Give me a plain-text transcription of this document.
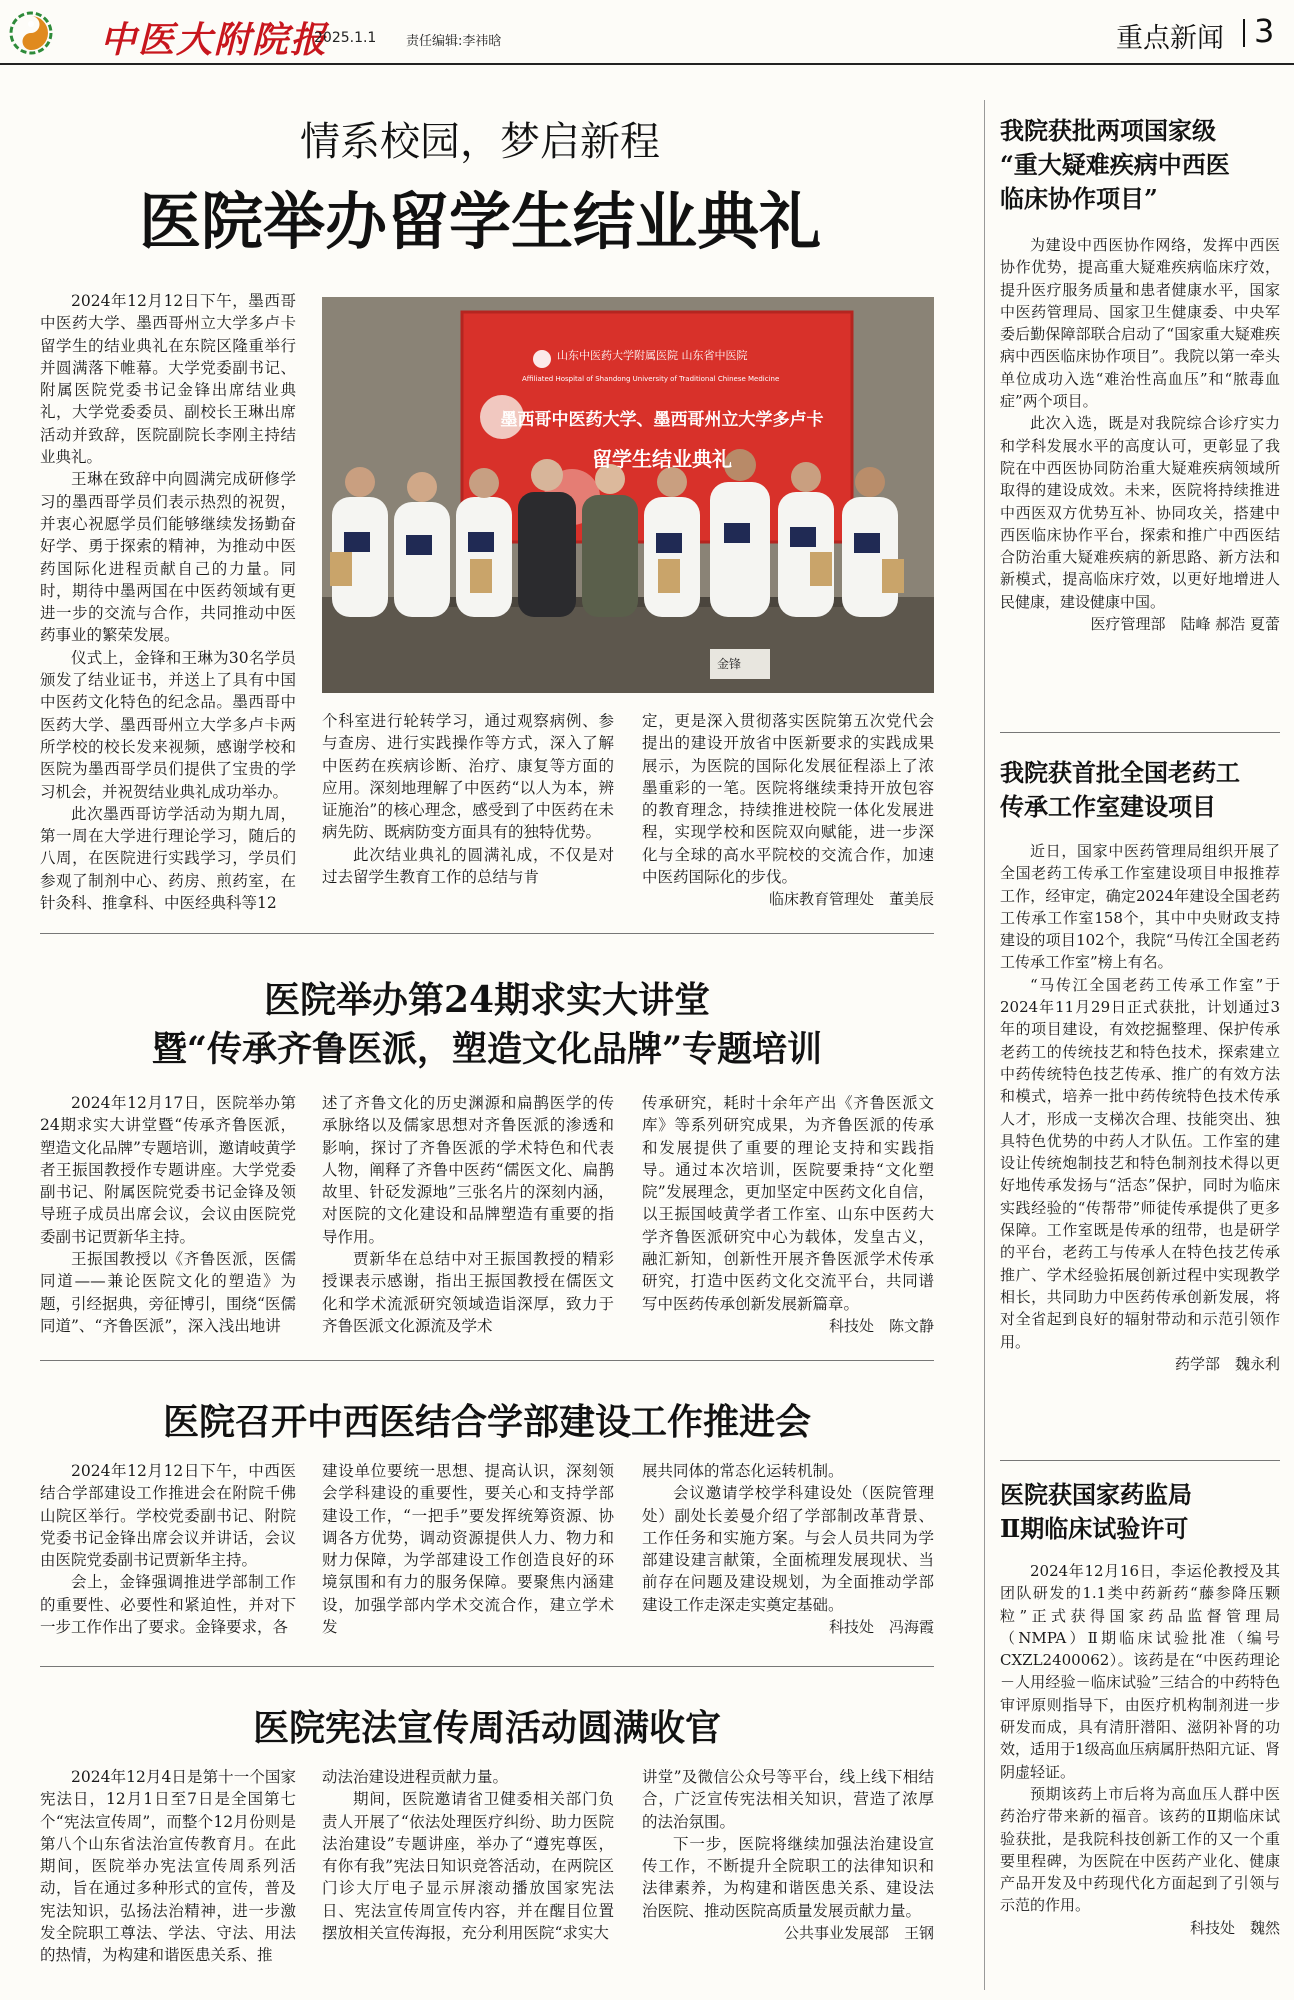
中医大附院报
2025.1.1 责任编辑:李祎晗	重点新闻 3
情系校园，梦启新程
医院举办留学生结业典礼

2024年12月12日下午，墨西哥中医药大学、墨西哥州立大学多卢卡留学生的结业典礼在东院区隆重举行并圆满落下帷幕。大学党委副书记、附属医院党委书记金锋出席结业典礼，大学党委委员、副校长王琳出席活动并致辞，医院副院长李刚主持结业典礼。

王琳在致辞中向圆满完成研修学习的墨西哥学员们表示热烈的祝贺，并衷心祝愿学员们能够继续发扬勤奋好学、勇于探索的精神，为推动中医药国际化进程贡献自己的力量。同时，期待中墨两国在中医药领域有更进一步的交流与合作，共同推动中医药事业的繁荣发展。

仪式上，金锋和王琳为30名学员颁发了结业证书，并送上了具有中国中医药文化特色的纪念品。墨西哥中医药大学、墨西哥州立大学多卢卡两所学校的校长发来视频，感谢学校和医院为墨西哥学员们提供了宝贵的学习机会，并祝贺结业典礼成功举办。

此次墨西哥访学活动为期九周，第一周在大学进行理论学习，随后的八周，在医院进行实践学习，学员们参观了制剂中心、药房、煎药室，在针灸科、推拿科、中医经典科等12

山东中医药大学附属医院 山东省中医院
Affiliated Hospital of Shandong University of Traditional Chinese Medicine
墨西哥中医药大学、墨西哥州立大学多卢卡
留学生结业典礼
金锋

个科室进行轮转学习，通过观察病例、参与查房、进行实践操作等方式，深入了解中医药在疾病诊断、治疗、康复等方面的应用。深刻地理解了中医药“以人为本，辨证施治”的核心理念，感受到了中医药在未病先防、既病防变方面具有的独特优势。

此次结业典礼的圆满礼成，不仅是对过去留学生教育工作的总结与肯

定，更是深入贯彻落实医院第五次党代会提出的建设开放省中医新要求的实践成果展示，为医院的国际化发展征程添上了浓墨重彩的一笔。医院将继续秉持开放包容的教育理念，持续推进校院一体化发展进程，实现学校和医院双向赋能，进一步深化与全球的高水平院校的交流合作，加速中医药国际化的步伐。

临床教育管理处　董美辰
医院举办第24期求实大讲堂
暨“传承齐鲁医派，塑造文化品牌”专题培训

2024年12月17日，医院举办第24期求实大讲堂暨“传承齐鲁医派，塑造文化品牌”专题培训，邀请岐黄学者王振国教授作专题讲座。大学党委副书记、附属医院党委书记金锋及领导班子成员出席会议，会议由医院党委副书记贾新华主持。

王振国教授以《齐鲁医派，医儒同道——兼论医院文化的塑造》为题，引经据典，旁征博引，围绕“医儒同道”、“齐鲁医派”，深入浅出地讲

述了齐鲁文化的历史渊源和扁鹊医学的传承脉络以及儒家思想对齐鲁医派的渗透和影响，探讨了齐鲁医派的学术特色和代表人物，阐释了齐鲁中医药“儒医文化、扁鹊故里、针砭发源地”三张名片的深刻内涵，对医院的文化建设和品牌塑造有重要的指导作用。

贾新华在总结中对王振国教授的精彩授课表示感谢，指出王振国教授在儒医文化和学术流派研究领域造诣深厚，致力于齐鲁医派文化源流及学术

传承研究，耗时十余年产出《齐鲁医派文库》等系列研究成果，为齐鲁医派的传承和发展提供了重要的理论支持和实践指导。通过本次培训，医院要秉持“文化塑院”发展理念，更加坚定中医药文化自信，以王振国岐黄学者工作室、山东中医药大学齐鲁医派研究中心为载体，发皇古义，融汇新知，创新性开展齐鲁医派学术传承研究，打造中医药文化交流平台，共同谱写中医药传承创新发展新篇章。

科技处　陈文静
医院召开中西医结合学部建设工作推进会

2024年12月12日下午，中西医结合学部建设工作推进会在附院千佛山院区举行。学校党委副书记、附院党委书记金锋出席会议并讲话，会议由医院党委副书记贾新华主持。

会上，金锋强调推进学部制工作的重要性、必要性和紧迫性，并对下一步工作作出了要求。金锋要求，各

建设单位要统一思想、提高认识，深刻领会学科建设的重要性，要关心和支持学部建设工作，“一把手”要发挥统筹资源、协调各方优势，调动资源提供人力、物力和财力保障，为学部建设工作创造良好的环境氛围和有力的服务保障。要聚焦内涵建设，加强学部内学术交流合作，建立学术发

展共同体的常态化运转机制。

会议邀请学校学科建设处（医院管理处）副处长姜曼介绍了学部制改革背景、工作任务和实施方案。与会人员共同为学部建设建言献策，全面梳理发展现状、当前存在问题及建设规划，为全面推动学部建设工作走深走实奠定基础。

科技处　冯海霞
医院宪法宣传周活动圆满收官

2024年12月4日是第十一个国家宪法日，12月1日至7日是全国第七个“宪法宣传周”，而整个12月份则是第八个山东省法治宣传教育月。在此期间，医院举办宪法宣传周系列活动，旨在通过多种形式的宣传，普及宪法知识，弘扬法治精神，进一步激发全院职工尊法、学法、守法、用法的热情，为构建和谐医患关系、推

动法治建设进程贡献力量。

期间，医院邀请省卫健委相关部门负责人开展了“依法处理医疗纠纷、助力医院法治建设”专题讲座，举办了“遵宪尊医，有你有我”宪法日知识竞答活动，在两院区门诊大厅电子显示屏滚动播放国家宪法日、宪法宣传周宣传内容，并在醒目位置摆放相关宣传海报，充分利用医院“求实大

讲堂”及微信公众号等平台，线上线下相结合，广泛宣传宪法相关知识，营造了浓厚的法治氛围。

下一步，医院将继续加强法治建设宣传工作，不断提升全院职工的法律知识和法律素养，为构建和谐医患关系、建设法治医院、推动医院高质量发展贡献力量。

公共事业发展部　王钢
我院获批两项国家级
“重大疑难疾病中西医
临床协作项目”

为建设中西医协作网络，发挥中西医协作优势，提高重大疑难疾病临床疗效，提升医疗服务质量和患者健康水平，国家中医药管理局、国家卫生健康委、中央军委后勤保障部联合启动了“国家重大疑难疾病中西医临床协作项目”。我院以第一牵头单位成功入选“难治性高血压”和“脓毒血症”两个项目。

此次入选，既是对我院综合诊疗实力和学科发展水平的高度认可，更彰显了我院在中西医协同防治重大疑难疾病领域所取得的建设成效。未来，医院将持续推进中西医双方优势互补、协同攻关，搭建中西医临床协作平台，探索和推广中西医结合防治重大疑难疾病的新思路、新方法和新模式，提高临床疗效，以更好地增进人民健康，建设健康中国。

医疗管理部　陆峰 郝浩 夏蕾
我院获首批全国老药工
传承工作室建设项目

近日，国家中医药管理局组织开展了全国老药工传承工作室建设项目申报推荐工作，经审定，确定2024年建设全国老药工传承工作室158个，其中中央财政支持建设的项目102个，我院“马传江全国老药工传承工作室”榜上有名。

“马传江全国老药工传承工作室”于2024年11月29日正式获批，计划通过3年的项目建设，有效挖掘整理、保护传承老药工的传统技艺和特色技术，探索建立中药传统特色技艺传承、推广的有效方法和模式，培养一批中药传统特色技术传承人才，形成一支梯次合理、技能突出、独具特色优势的中药人才队伍。工作室的建设让传统炮制技艺和特色制剂技术得以更好地传承发扬与“活态”保护，同时为临床实践经验的“传帮带”师徒传承提供了更多保障。工作室既是传承的纽带，也是研学的平台，老药工与传承人在特色技艺传承推广、学术经验拓展创新过程中实现教学相长，共同助力中医药传承创新发展，将对全省起到良好的辐射带动和示范引领作用。

药学部　魏永利
医院获国家药监局
Ⅱ期临床试验许可

2024年12月16日，李运伦教授及其团队研发的1.1类中药新药“藤参降压颗粒”正式获得国家药品监督管理局（NMPA）Ⅱ期临床试验批准（编号CXZL2400062）。该药是在“中医药理论－人用经验－临床试验”三结合的中药特色审评原则指导下，由医疗机构制剂进一步研发而成，具有清肝潜阳、滋阴补肾的功效，适用于1级高血压病属肝热阳亢证、肾阴虚轻证。

预期该药上市后将为高血压人群中医药治疗带来新的福音。该药的Ⅱ期临床试验获批，是我院科技创新工作的又一个重要里程碑，为医院在中医药产业化、健康产品开发及中药现代化方面起到了引领与示范的作用。

科技处　魏然
